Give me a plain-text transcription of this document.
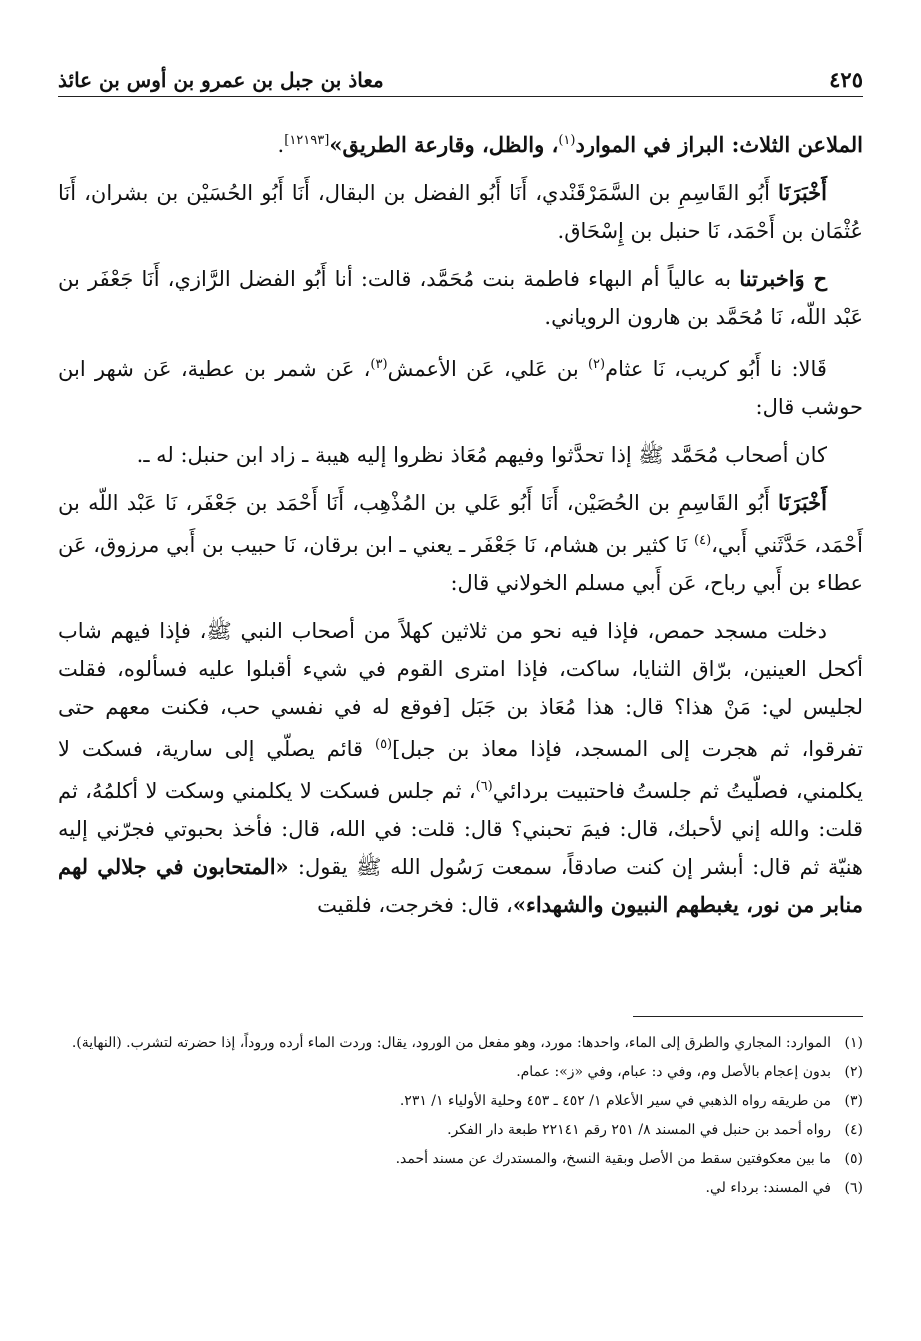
معاذ بن جبل بن عمرو بن أوس بن عائذ	٤٢٥

الملاعن الثلاث: البراز في الموارد$^{(١)}$، والظل، وقارعة الطريق»[١٢١٩٣].

أَخْبَرَنَا أَبُو القَاسِمِ بن السَّمَرْقَنْدي، أَنَا أَبُو الفضل بن البقال، أَنَا أَبُو الحُسَيْن بن بشران، أَنَا عُثْمَان بن أَحْمَد، نَا حنبل بن إِسْحَاق.

ح وَاخبرتنا به عالياً أم البهاء فاطمة بنت مُحَمَّد، قالت: أنا أَبُو الفضل الرَّازي، أَنَا جَعْفَر بن عَبْد اللّه، نَا مُحَمَّد بن هارون الروياني.

قَالا: نا أَبُو كريب، نَا عثام$^{(٢)}$ بن عَلي، عَن الأعمش$^{(٣)}$، عَن شمر بن عطية، عَن شهر ابن حوشب قال:

كان أصحاب مُحَمَّد ﷺ إذا تحدَّثوا وفيهم مُعَاذ نظروا إليه هيبة ـ زاد ابن حنبل: له ـ.

أَخْبَرَنَا أَبُو القَاسِمِ بن الحُصَيْن، أَنَا أَبُو عَلي بن المُذْهِب، أَنَا أَحْمَد بن جَعْفَر، نَا عَبْد اللّه بن أَحْمَد، حَدَّثَني أَبي،$^{(٤)}$ نَا كثير بن هشام، نَا جَعْفَر ـ يعني ـ ابن برقان، نَا حبيب بن أَبي مرزوق، عَن عطاء بن أَبي رباح، عَن أَبي مسلم الخولاني قال:

دخلت مسجد حمص، فإذا فيه نحو من ثلاثين كهلاً من أصحاب النبي ﷺ، فإذا فيهم شاب أكحل العينين، برّاق الثنايا، ساكت، فإذا امترى القوم في شيء أقبلوا عليه فسألوه، فقلت لجليس لي: مَنْ هذا؟ قال: هذا مُعَاذ بن جَبَل [فوقع له في نفسي حب، فكنت معهم حتى تفرقوا، ثم هجرت إلى المسجد، فإذا معاذ بن جبل]$^{(٥)}$ قائم يصلّي إلى سارية، فسكت لا يكلمني، فصلّيتُ ثم جلستُ فاحتبيت بردائي$^{(٦)}$، ثم جلس فسكت لا يكلمني وسكت لا أكلمُهُ، ثم قلت: والله إني لأحبك، قال: فيمَ تحبني؟ قال: قلت: في الله، قال: فأخذ بحبوتي فجرّني إليه هنيّة ثم قال: أبشر إن كنت صادقاً، سمعت رَسُول الله ﷺ يقول: «المتحابون في جلالي لهم منابر من نور، يغبطهم النبيون والشهداء»، قال: فخرجت، فلقيت

(١)
الموارد: المجاري والطرق إلى الماء، واحدها: مورد، وهو مفعل من الورود، يقال: وردت الماء أرده وروداً، إذا حضرته لتشرب. (النهاية).
(٢)
بدون إعجام بالأصل وم، وفي د: عبام، وفي «ز»: عمام.
(٣)
من طريقه رواه الذهبي في سير الأعلام ١/ ٤٥٢ ـ ٤٥٣ وحلية الأولياء ١/ ٢٣١.
(٤)
رواه أحمد بن حنبل في المسند ٨/ ٢٥١ رقم ٢٢١٤١ طبعة دار الفكر.
(٥)
ما بين معكوفتين سقط من الأصل وبقية النسخ، والمستدرك عن مسند أحمد.
(٦)
في المسند: برداء لي.
